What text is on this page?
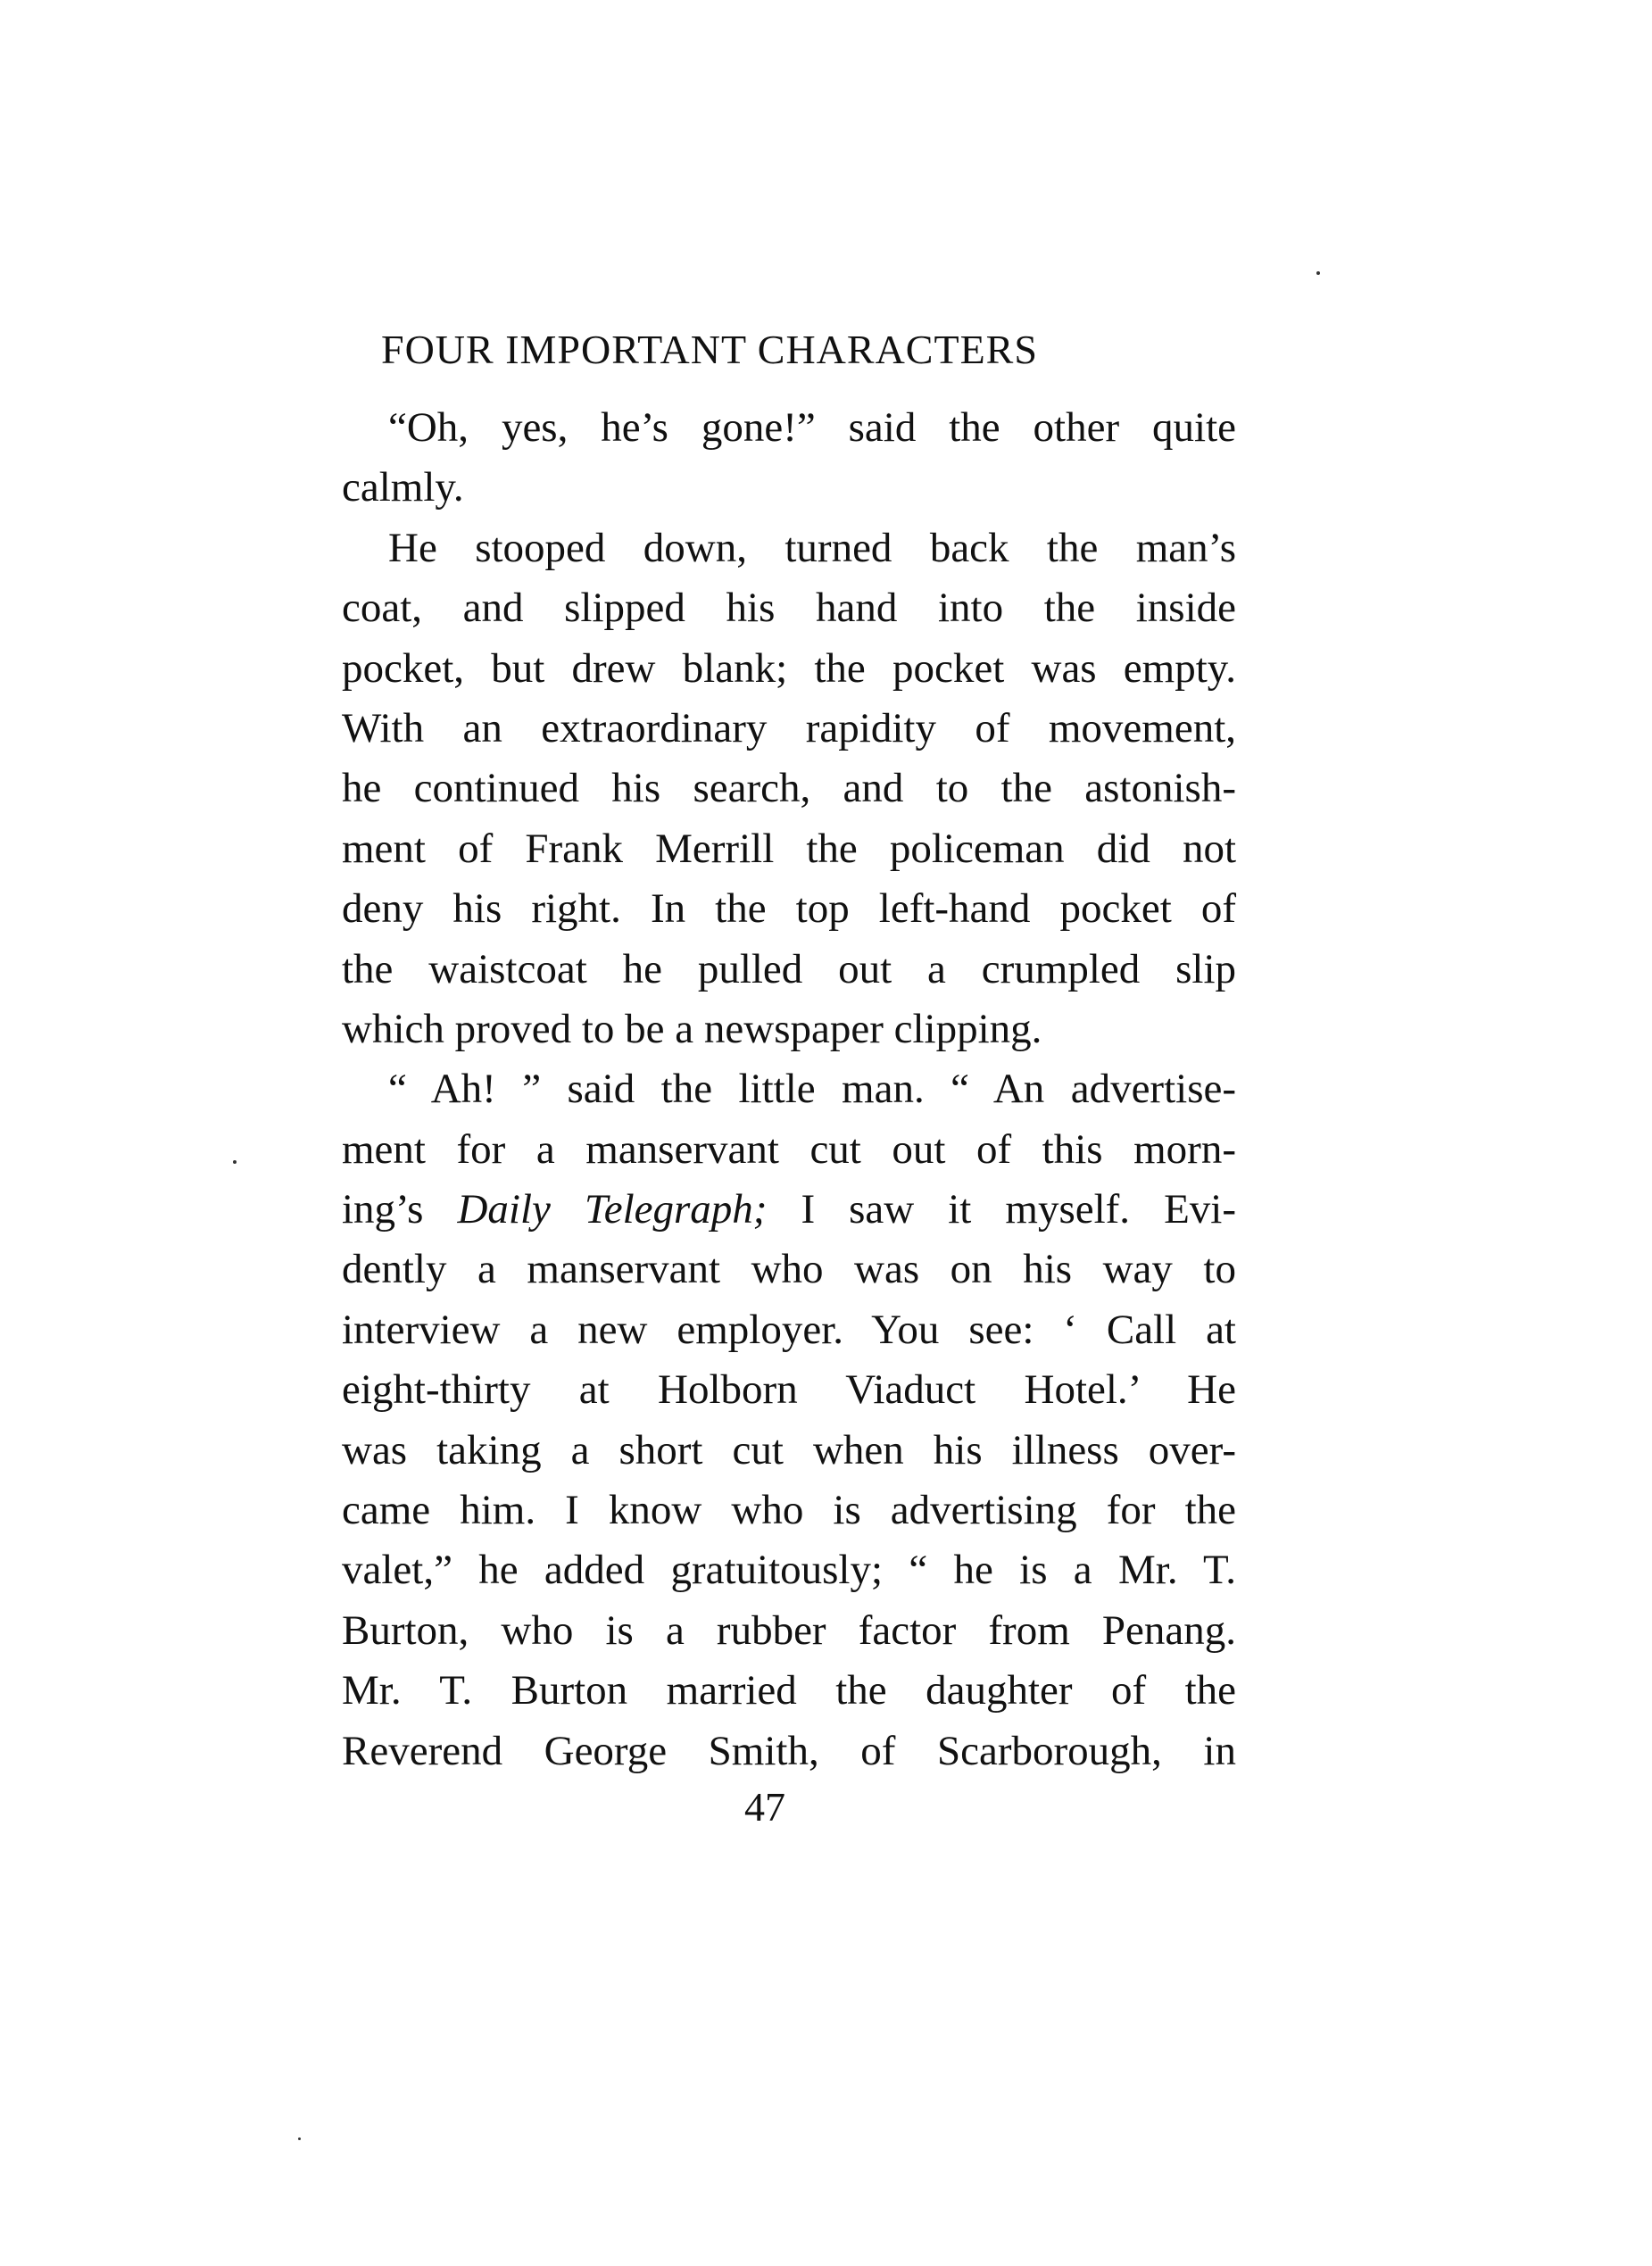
FOUR IMPORTANT CHARACTERS
“Oh, yes, he’s gone!” said the other quite
calmly.
He stooped down, turned back the man’s
coat, and slipped his hand into the inside
pocket, but drew blank; the pocket was empty.
With an extraordinary rapidity of movement,
he continued his search, and to the astonish-
ment of Frank Merrill the policeman did not
deny his right. In the top left-hand pocket of
the waistcoat he pulled out a crumpled slip
which proved to be a newspaper clipping.
“ Ah! ” said the little man. “ An advertise-
ment for a manservant cut out of this morn-
ing’s Daily Telegraph; I saw it myself. Evi-
dently a manservant who was on his way to
interview a new employer. You see: ‘ Call at
eight-thirty at Holborn Viaduct Hotel.’ He
was taking a short cut when his illness over-
came him. I know who is advertising for the
valet,” he added gratuitously; “ he is a Mr. T.
Burton, who is a rubber factor from Penang.
Mr. T. Burton married the daughter of the
Reverend George Smith, of Scarborough, in
47
